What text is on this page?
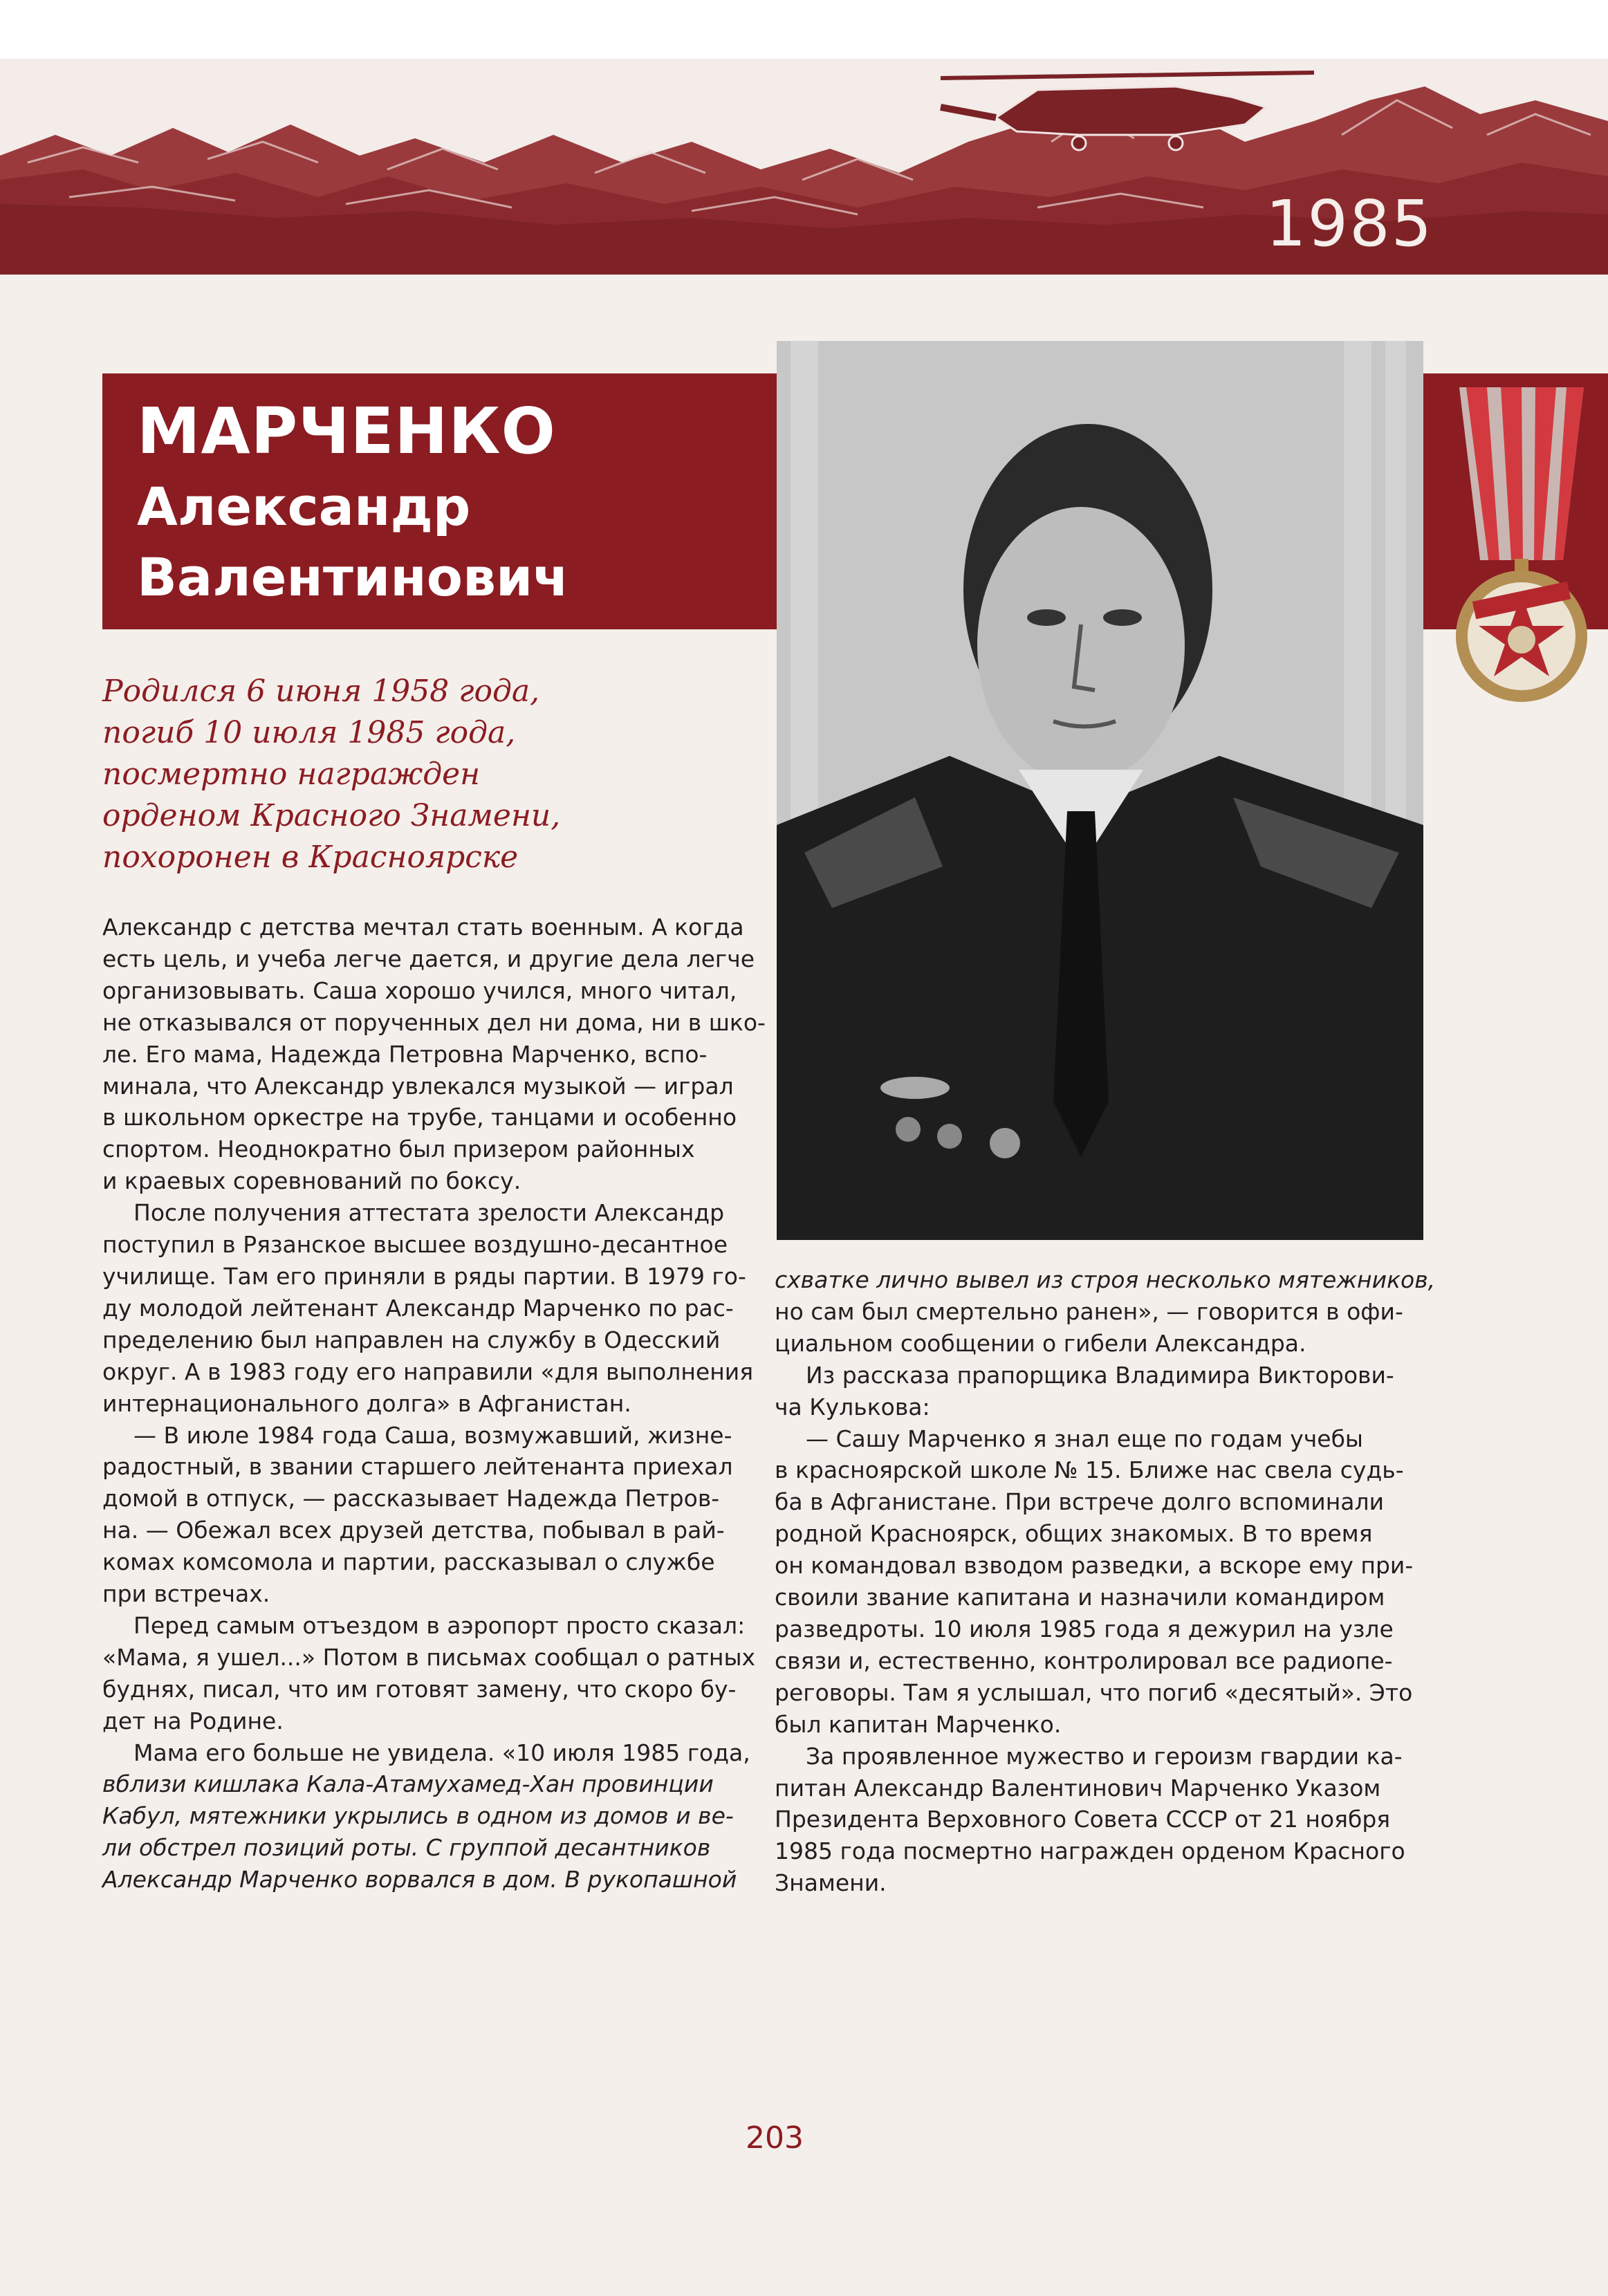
1985
МАРЧЕНКО
Александр
Валентинович
Родился 6 июня 1958 года,
погиб 10 июля 1985 года,
посмертно награжден
орденом Красного Знамени,
похоронен в Красноярске
Александр с детства мечтал стать военным. А когда
есть цель, и учеба легче дается, и другие дела легче
организовывать. Саша хорошо учился, много читал,
не отказывался от порученных дел ни дома, ни в шко-
ле. Его мама, Надежда Петровна Марченко, вспо-
минала, что Александр увлекался музыкой — играл
в школьном оркестре на трубе, танцами и особенно
спортом. Неоднократно был призером районных
и краевых соревнований по боксу.
После получения аттестата зрелости Александр
поступил в Рязанское высшее воздушно-десантное
училище. Там его приняли в ряды партии. В 1979 го-
ду молодой лейтенант Александр Марченко по рас-
пределению был направлен на службу в Одесский
округ. А в 1983 году его направили «для выполнения
интернационального долга» в Афганистан.
— В июле 1984 года Саша, возмужавший, жизне-
радостный, в звании старшего лейтенанта приехал
домой в отпуск, — рассказывает Надежда Петров-
на. — Обежал всех друзей детства, побывал в рай-
комах комсомола и партии, рассказывал о службе
при встречах.
Перед самым отъездом в аэропорт просто сказал:
«Мама, я ушел...» Потом в письмах сообщал о ратных
буднях, писал, что им готовят замену, что скоро бу-
дет на Родине.
Мама его больше не увидела. «10 июля 1985 года,
вблизи кишлака Кала-Атамухамед-Хан провинции
Кабул, мятежники укрылись в одном из домов и ве-
ли обстрел позиций роты. С группой десантников
Александр Марченко ворвался в дом. В рукопашной
схватке лично вывел из строя несколько мятежников,
но сам был смертельно ранен», — говорится в офи-
циальном сообщении о гибели Александра.
Из рассказа прапорщика Владимира Викторови-
ча Кулькова:
— Сашу Марченко я знал еще по годам учебы
в красноярской школе № 15. Ближе нас свела судь-
ба в Афганистане. При встрече долго вспоминали
родной Красноярск, общих знакомых. В то время
он командовал взводом разведки, а вскоре ему при-
своили звание капитана и назначили командиром
разведроты. 10 июля 1985 года я дежурил на узле
связи и, естественно, контролировал все радиопе-
реговоры. Там я услышал, что погиб «десятый». Это
был капитан Марченко.
За проявленное мужество и героизм гвардии ка-
питан Александр Валентинович Марченко Указом
Президента Верховного Совета СССР от 21 ноября
1985 года посмертно награжден орденом Красного
Знамени.
203
